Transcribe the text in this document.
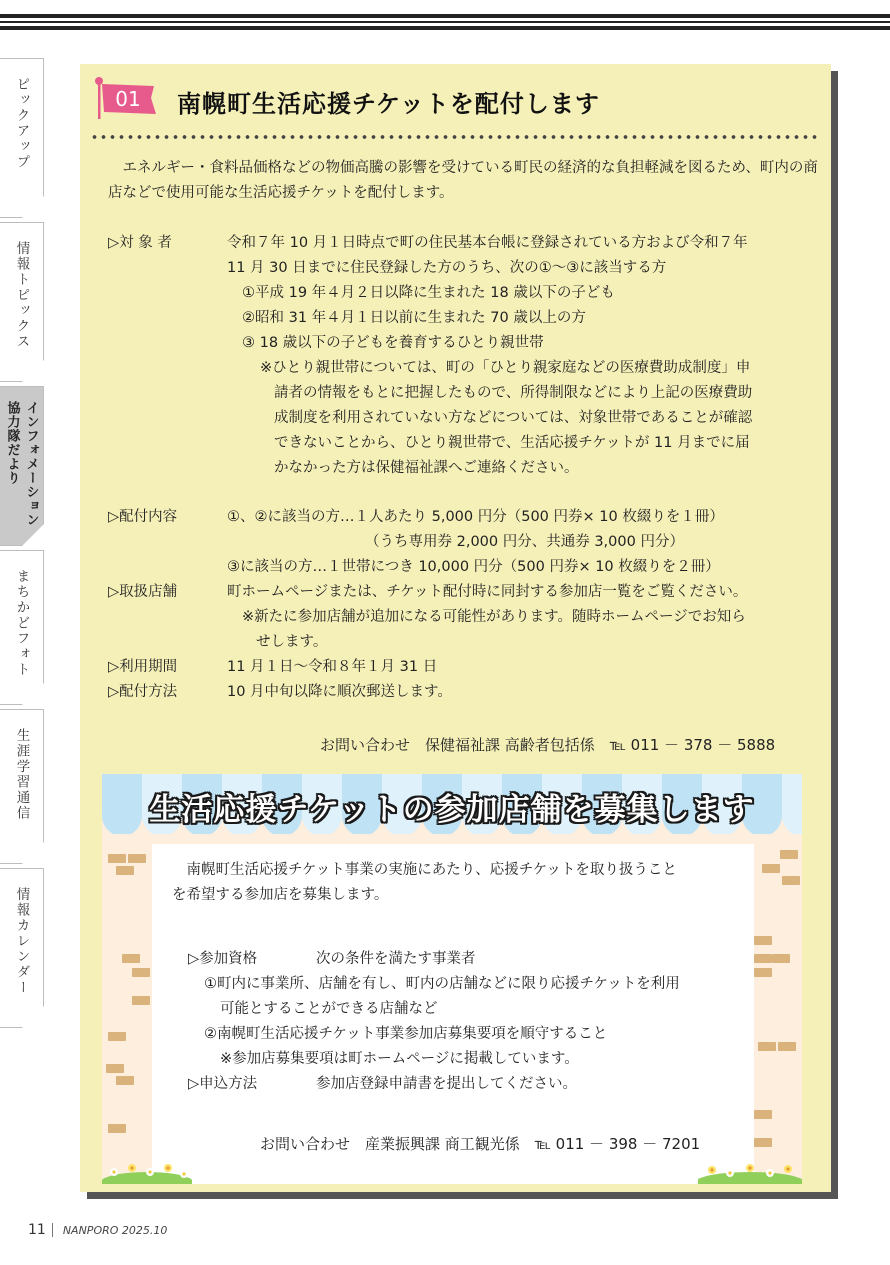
ピックアップ
情報トピックス
インフォメーション 協力隊だより
まちかどフォト
生涯学習通信
情報カレンダー
01 南幌町生活応援チケットを配付します
　エネルギー・食料品価格などの物価高騰の影響を受けている町民の経済的な負担軽減を図るため、町内の商店などで使用可能な生活応援チケットを配付します。
▷対 象 者	令和７年 10 月１日時点で町の住民基本台帳に登録されている方および令和７年
11 月 30 日までに住民登録した方のうち、次の①～③に該当する方
①平成 19 年４月２日以降に生まれた 18 歳以下の子ども
②昭和 31 年４月１日以前に生まれた 70 歳以上の方
③ 18 歳以下の子どもを養育するひとり親世帯
※ひとり親世帯については、町の「ひとり親家庭などの医療費助成制度」申
請者の情報をもとに把握したもので、所得制限などにより上記の医療費助
成制度を利用されていない方などについては、対象世帯であることが確認
できないことから、ひとり親世帯で、生活応援チケットが 11 月までに届
かなかった方は保健福祉課へご連絡ください。
▷配付内容	①、②に該当の方…１人あたり 5,000 円分（500 円券× 10 枚綴りを１冊）
（うち専用券 2,000 円分、共通券 3,000 円分）
③に該当の方…１世帯につき 10,000 円分（500 円券× 10 枚綴りを２冊）
▷取扱店舗	町ホームページまたは、チケット配付時に同封する参加店一覧をご覧ください。
※新たに参加店舗が追加になる可能性があります。随時ホームページでお知ら
せします。
▷利用期間	11 月１日～令和８年１月 31 日
▷配付方法	10 月中旬以降に順次郵送します。
お問い合わせ　保健福祉課 高齢者包括係　℡ 011 － 378 － 5888
生活応援チケットの参加店舗を募集します
　南幌町生活応援チケット事業の実施にあたり、応援チケットを取り扱うこと
を希望する参加店を募集します。
▷参加資格	次の条件を満たす事業者
①町内に事業所、店舗を有し、町内の店舗などに限り応援チケットを利用
可能とすることができる店舗など
②南幌町生活応援チケット事業参加店募集要項を順守すること
※参加店募集要項は町ホームページに掲載しています。
▷申込方法	参加店登録申請書を提出してください。
お問い合わせ　産業振興課 商工観光係　℡ 011 － 398 － 7201
11 NANPORO 2025.10
